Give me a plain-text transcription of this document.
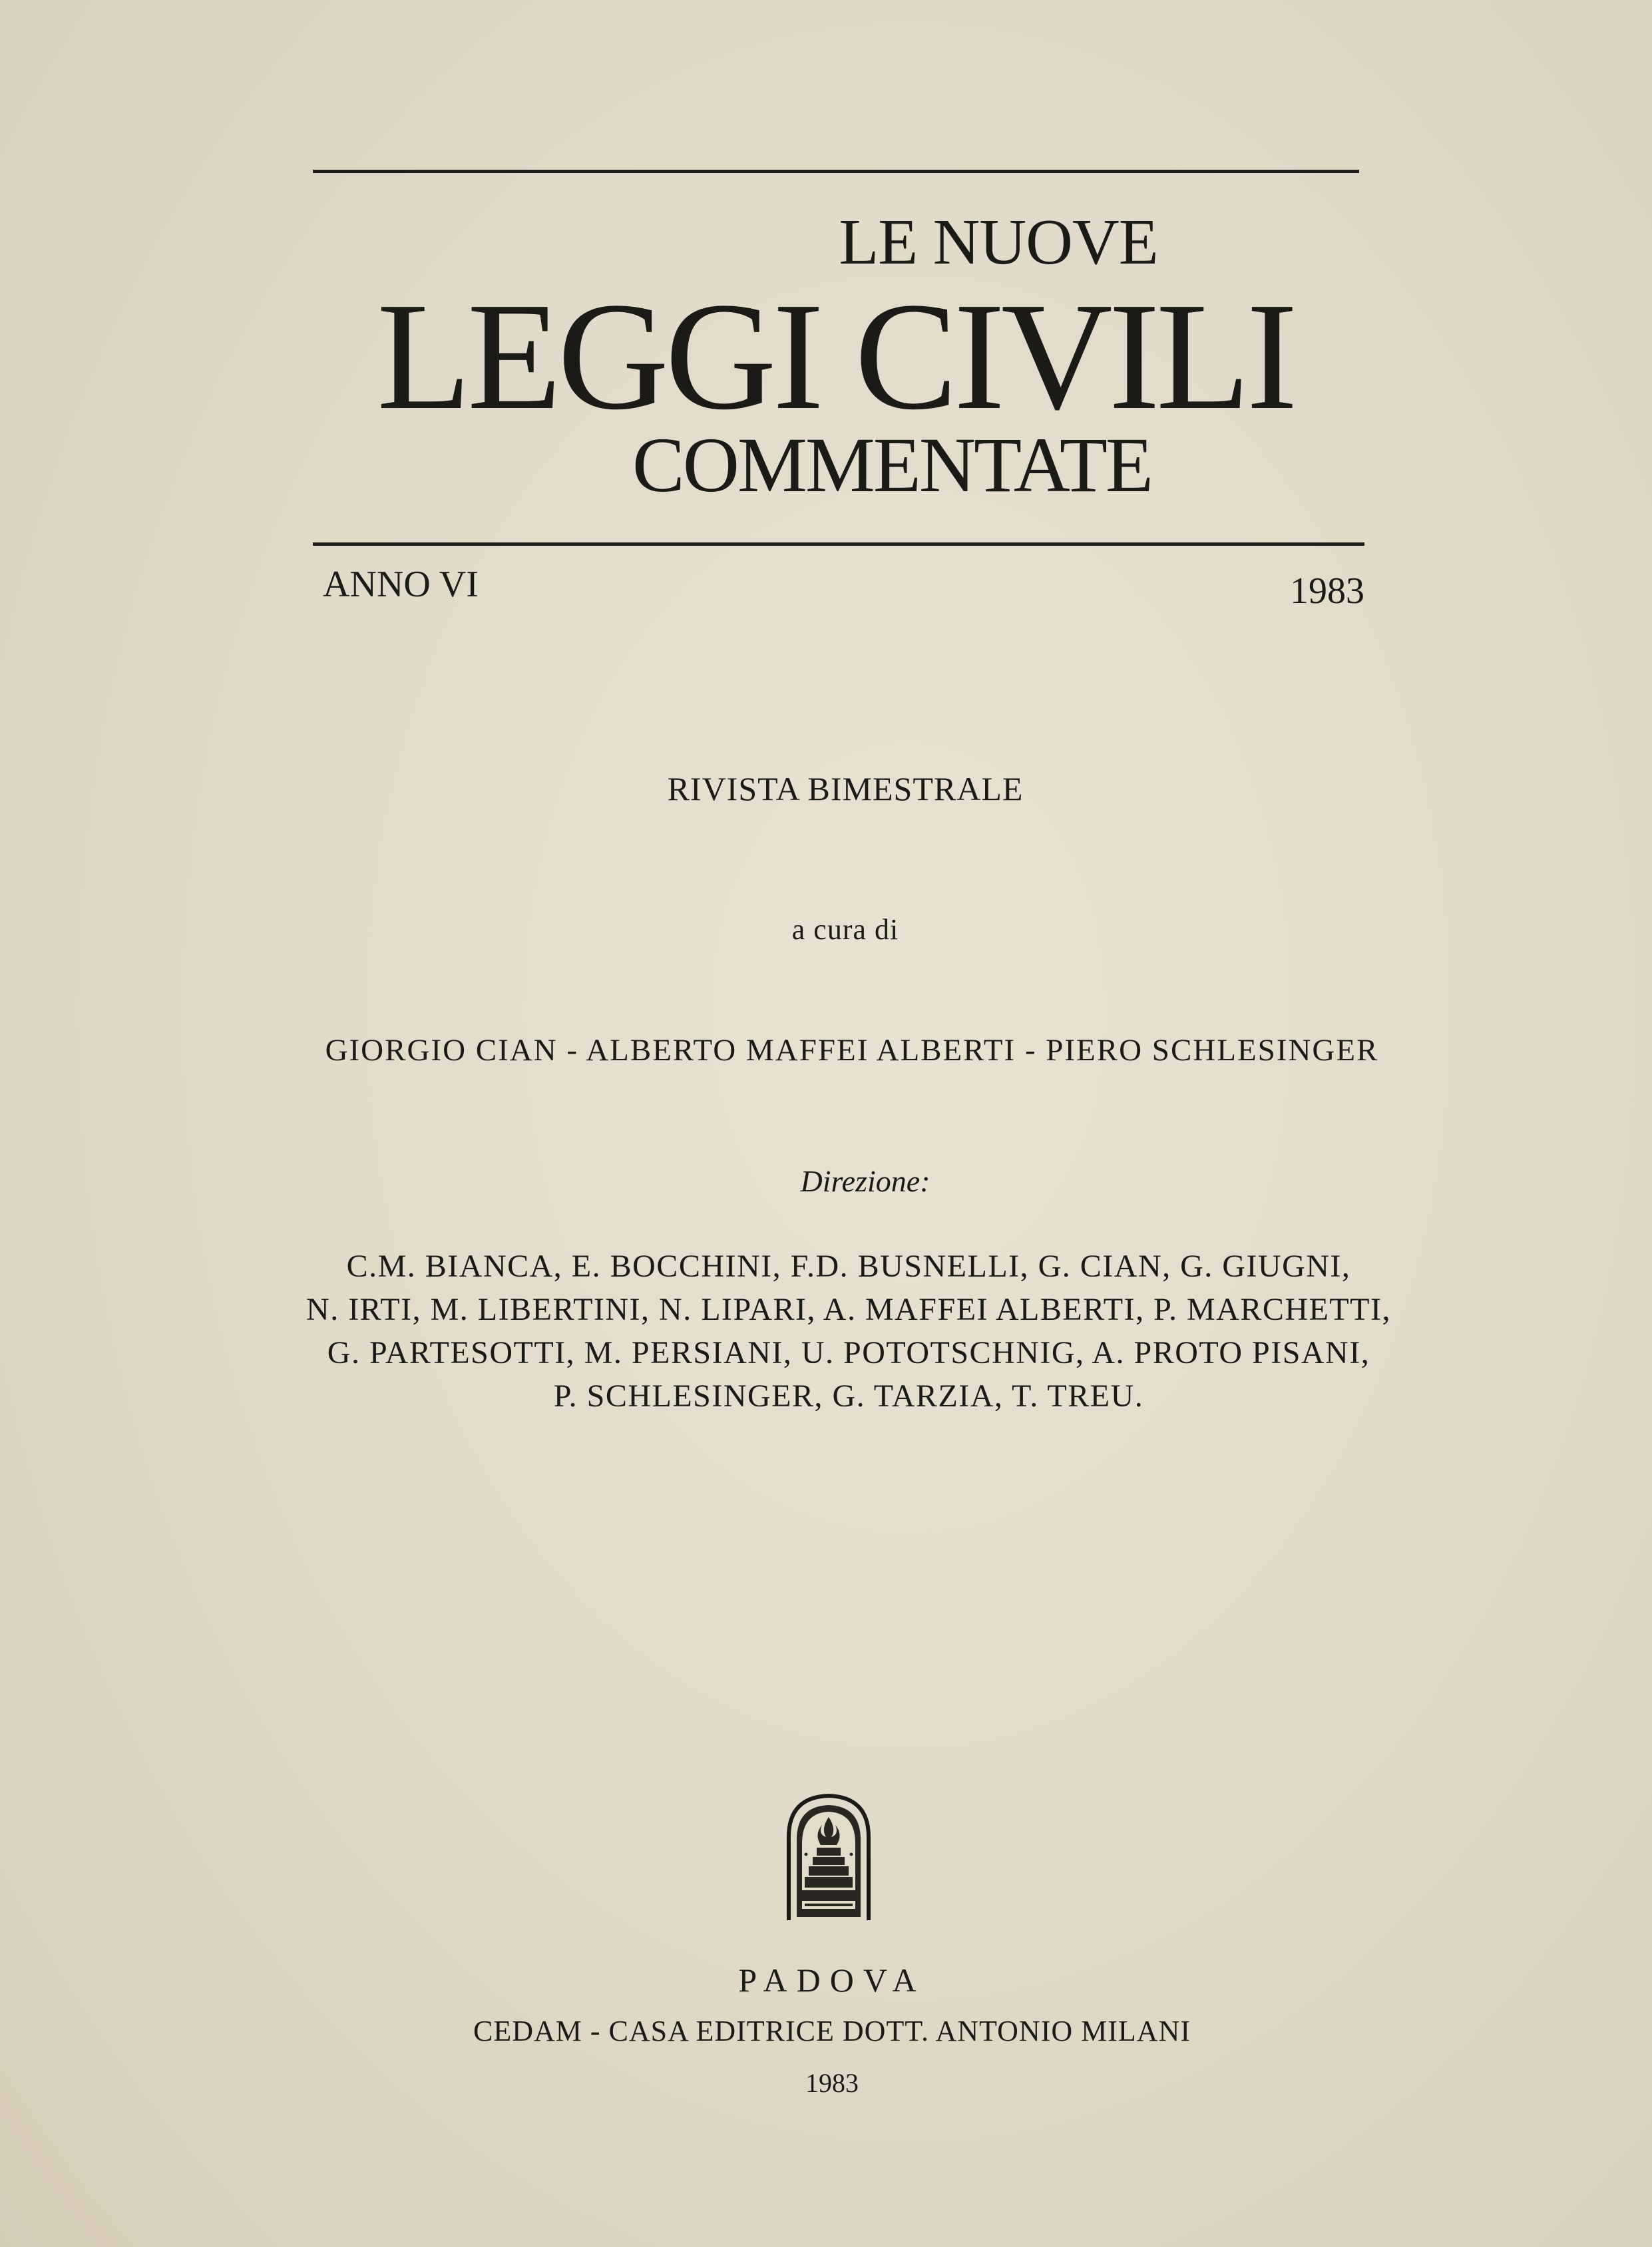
LE NUOVE
LEGGI CIVILI
COMMENTATE
ANNO VI	1983
RIVISTA BIMESTRALE
a cura di
GIORGIO CIAN - ALBERTO MAFFEI ALBERTI - PIERO SCHLESINGER
Direzione:
C.M. BIANCA, E. BOCCHINI, F.D. BUSNELLI, G. CIAN, G. GIUGNI,
N. IRTI, M. LIBERTINI, N. LIPARI, A. MAFFEI ALBERTI, P. MARCHETTI,
G. PARTESOTTI, M. PERSIANI, U. POTOTSCHNIG, A. PROTO PISANI,
P. SCHLESINGER, G. TARZIA, T. TREU.
PADOVA
CEDAM - CASA EDITRICE DOTT. ANTONIO MILANI
1983
